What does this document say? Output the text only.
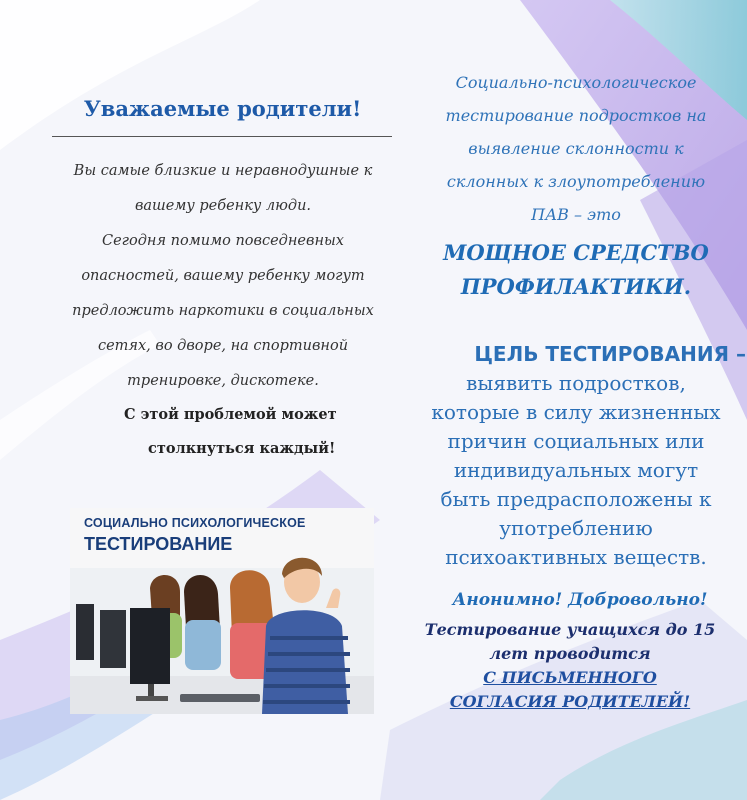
Уважаемые родители!
Вы самые близкие и неравнодушные к
вашему ребенку люди.
Сегодня помимо повседневных
опасностей, вашему ребенку могут
предложить наркотики в социальных
сетях, во дворе, на спортивной
тренировке, дискотеке.
С этой проблемой может
столкнуться каждый!
СОЦИАЛЬНО ПСИХОЛОГИЧЕСКОЕ
ТЕСТИРОВАНИЕ
Социально-психологическое
тестирование подростков на
выявление склонности к
склонных к злоупотреблению
ПАВ – это
МОЩНОЕ СРЕДСТВО
ПРОФИЛАКТИКИ.
ЦЕЛЬ ТЕСТИРОВАНИЯ –
выявить подростков,
которые в силу жизненных
причин социальных или
индивидуальных могут
быть предрасположены к
употреблению
психоактивных веществ.
Анонимно! Добровольно!
Тестирование учащихся до 15
лет проводится
С ПИСЬМЕННОГО
СОГЛАСИЯ РОДИТЕЛЕЙ!
